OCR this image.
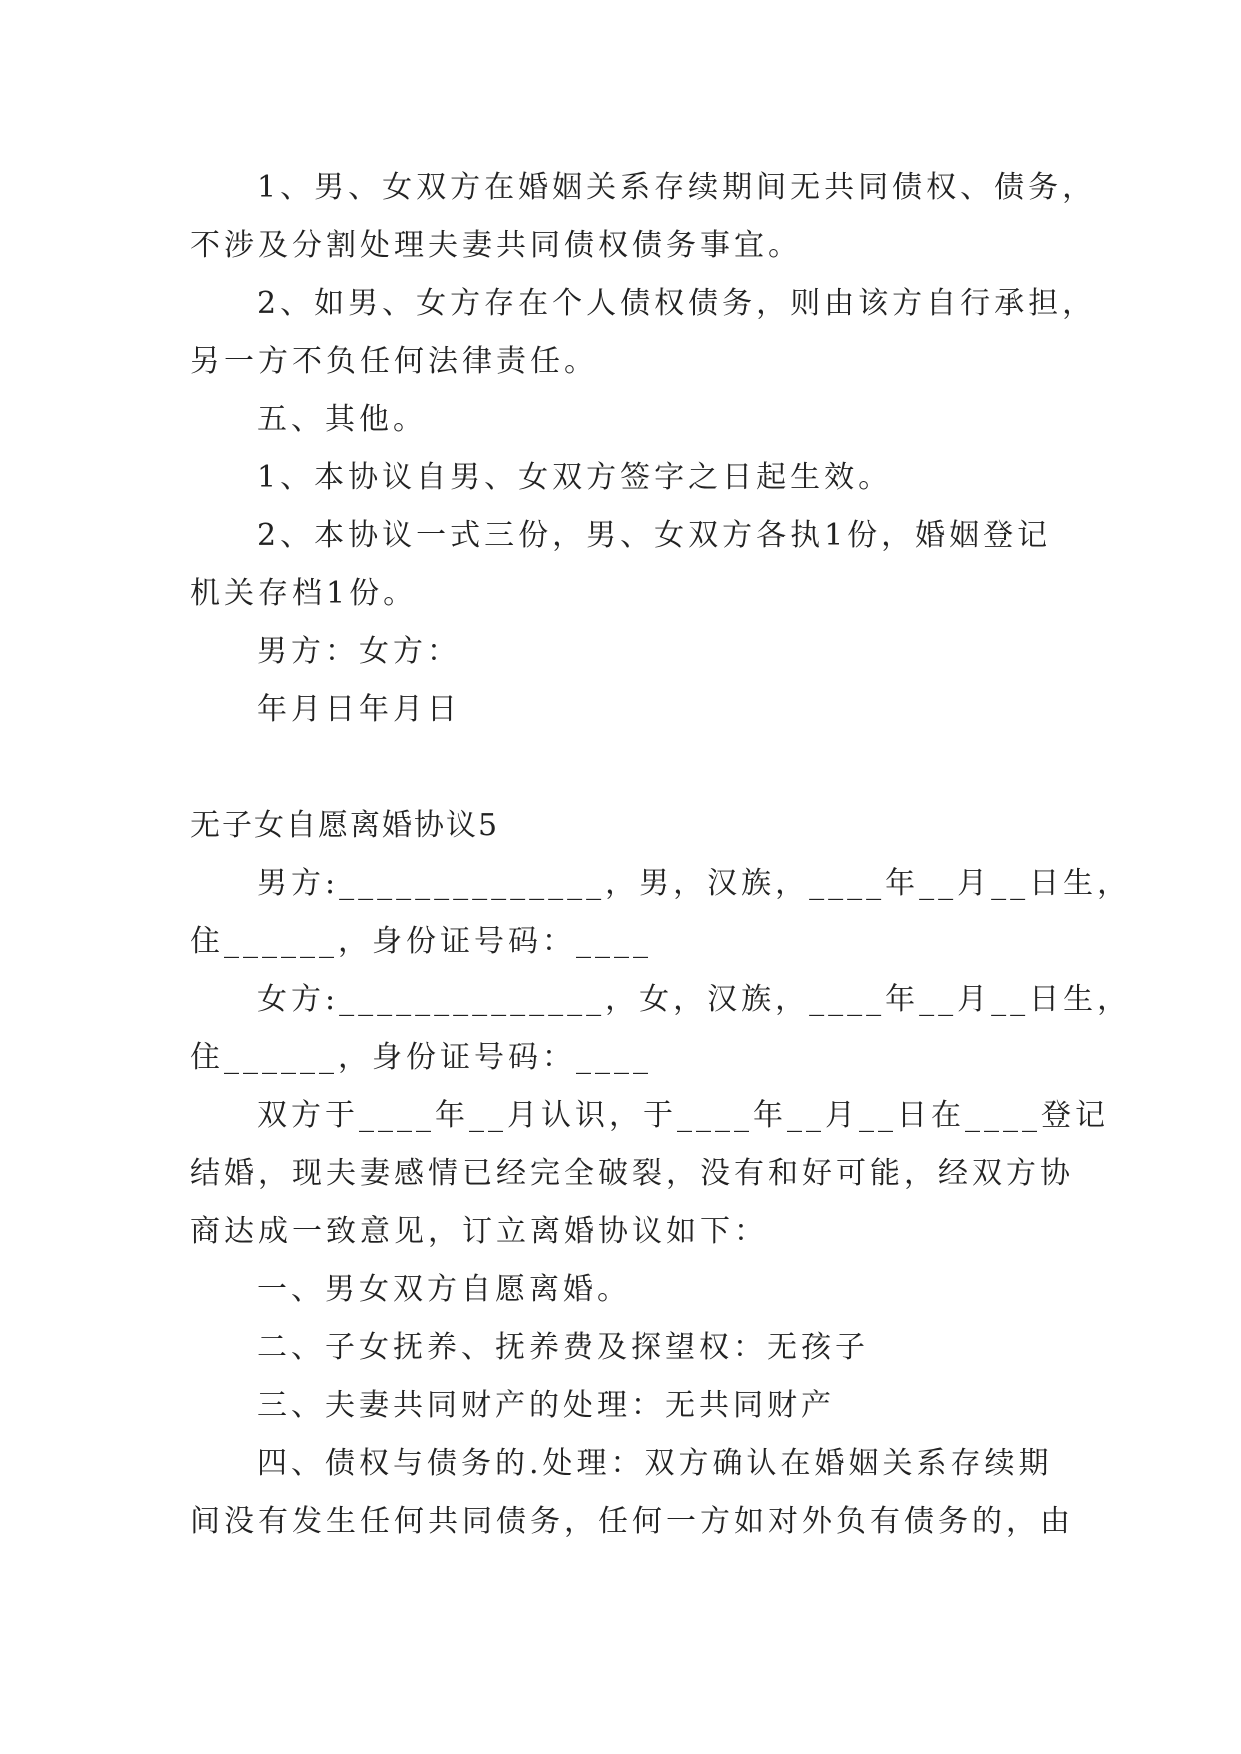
1、男、女双方在婚姻关系存续期间无共同债权、债务，
不涉及分割处理夫妻共同债权债务事宜。
2、如男、女方存在个人债权债务，则由该方自行承担，
另一方不负任何法律责任。
五、其他。
1、本协议自男、女双方签字之日起生效。
2、本协议一式三份，男、女双方各执1份，婚姻登记
机关存档1份。
男方：女方：
年月日年月日
无子女自愿离婚协议5
男方:______________，男，汉族，____年__月__日生，
住______，身份证号码：____
女方:______________，女，汉族，____年__月__日生，
住______，身份证号码：____
双方于____年__月认识，于____年__月__日在____登记
结婚，现夫妻感情已经完全破裂，没有和好可能，经双方协
商达成一致意见，订立离婚协议如下：
一、男女双方自愿离婚。
二、子女抚养、抚养费及探望权：无孩子
三、夫妻共同财产的处理：无共同财产
四、债权与债务的.处理：双方确认在婚姻关系存续期
间没有发生任何共同债务，任何一方如对外负有债务的，由
